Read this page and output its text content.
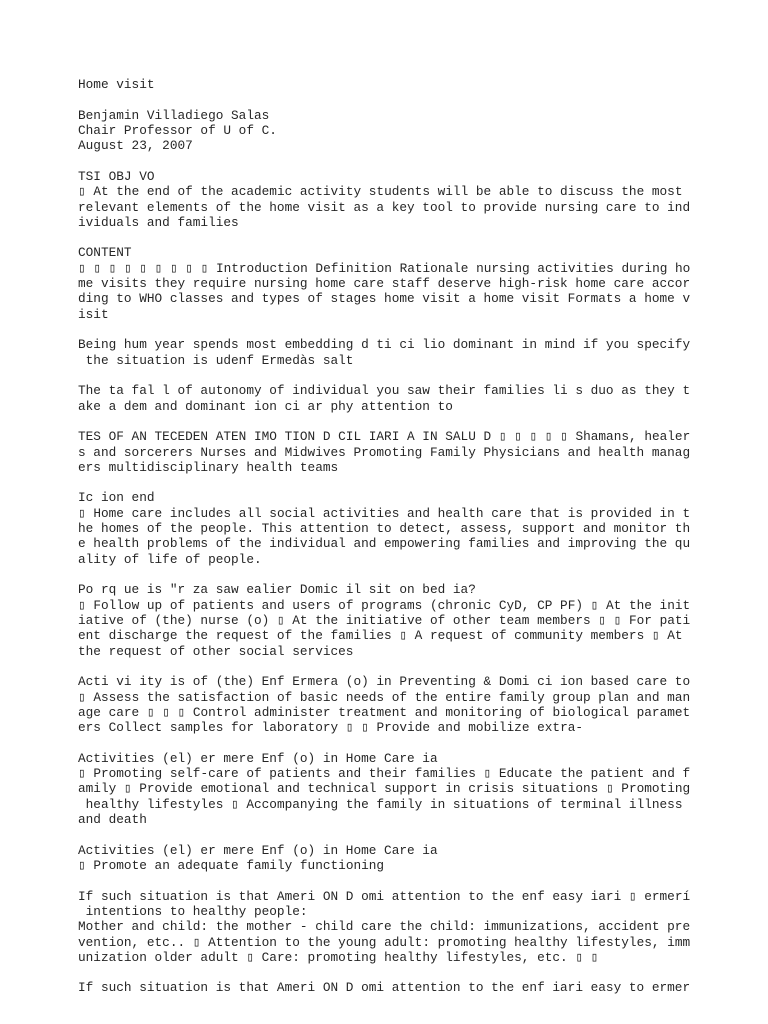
Home visit
Benjamin Villadiego Salas
Chair Professor of U of C.
August 23, 2007
TSI OBJ VO
▯ At the end of the academic activity students will be able to discuss the most
relevant elements of the home visit as a key tool to provide nursing care to ind
ividuals and families
CONTENT
▯ ▯ ▯ ▯ ▯ ▯ ▯ ▯ ▯ Introduction Definition Rationale nursing activities during ho
me visits they require nursing home care staff deserve high-risk home care accor
ding to WHO classes and types of stages home visit a home visit Formats a home v
isit
Being hum year spends most embedding d ti ci lio dominant in mind if you specify
the situation is udenf Ermedàs salt
The ta fal l of autonomy of individual you saw their families li s duo as they t
ake a dem and dominant ion ci ar phy attention to
TES OF AN TECEDEN ATEN IMO TION D CIL IARI A IN SALU D ▯ ▯ ▯ ▯ ▯ Shamans, healer
s and sorcerers Nurses and Midwives Promoting Family Physicians and health manag
ers multidisciplinary health teams
Ic ion end
▯ Home care includes all social activities and health care that is provided in t
he homes of the people. This attention to detect, assess, support and monitor th
e health problems of the individual and empowering families and improving the qu
ality of life of people.
Po rq ue is "r za saw ealier Domic il sit on bed ia?
▯ Follow up of patients and users of programs (chronic CyD, CP PF) ▯ At the init
iative of (the) nurse (o) ▯ At the initiative of other team members ▯ ▯ For pati
ent discharge the request of the families ▯ A request of community members ▯ At
the request of other social services
Acti vi ity is of (the) Enf Ermera (o) in Preventing & Domi ci ion based care to
▯ Assess the satisfaction of basic needs of the entire family group plan and man
age care ▯ ▯ ▯ Control administer treatment and monitoring of biological paramet
ers Collect samples for laboratory ▯ ▯ Provide and mobilize extra-
Activities (el) er mere Enf (o) in Home Care ia
▯ Promoting self-care of patients and their families ▯ Educate the patient and f
amily ▯ Provide emotional and technical support in crisis situations ▯ Promoting
healthy lifestyles ▯ Accompanying the family in situations of terminal illness
and death
Activities (el) er mere Enf (o) in Home Care ia
▯ Promote an adequate family functioning
If such situation is that Ameri ON D omi attention to the enf easy iari ▯ ermerí
intentions to healthy people:
Mother and child: the mother - child care the child: immunizations, accident pre
vention, etc.. ▯ Attention to the young adult: promoting healthy lifestyles, imm
unization older adult ▯ Care: promoting healthy lifestyles, etc. ▯ ▯
If such situation is that Ameri ON D omi attention to the enf iari easy to ermer
